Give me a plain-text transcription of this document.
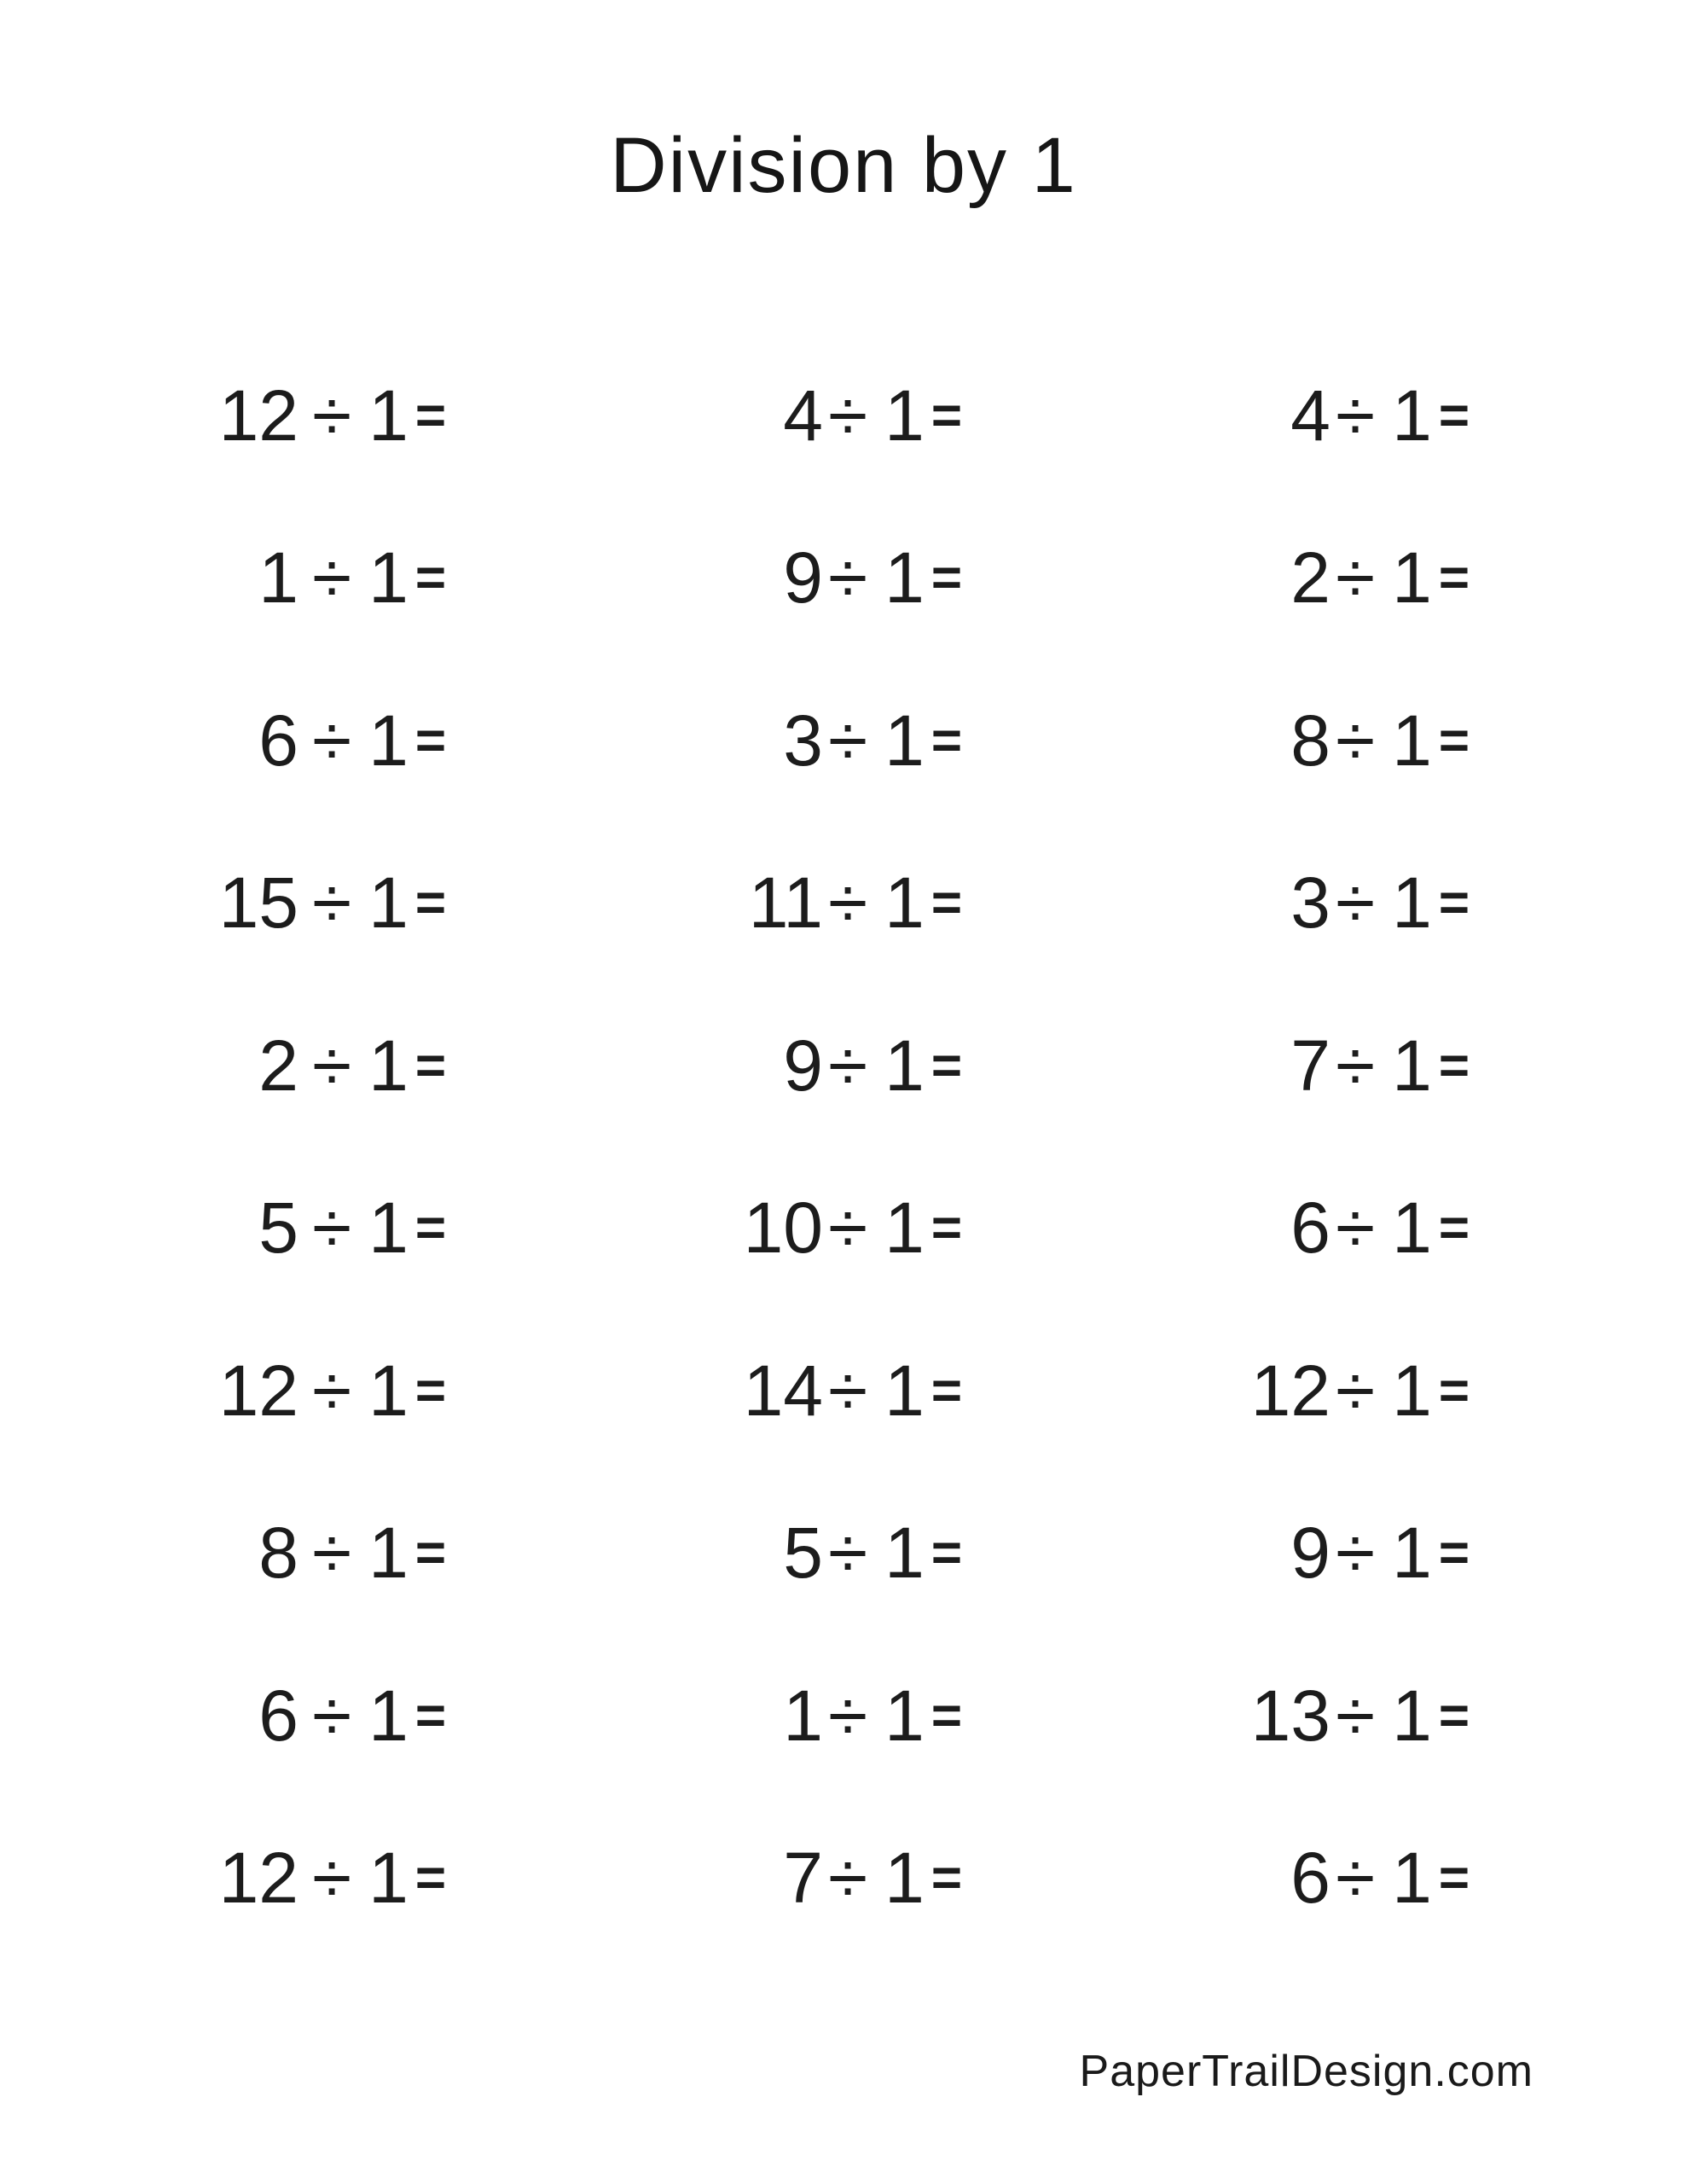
Division by 1
12 ÷ 1 =	4 ÷ 1 =	4 ÷ 1 =
1 ÷ 1 =	9 ÷ 1 =	2 ÷ 1 =
6 ÷ 1 =	3 ÷ 1 =	8 ÷ 1 =
15 ÷ 1 =	11 ÷ 1 =	3 ÷ 1 =
2 ÷ 1 =	9 ÷ 1 =	7 ÷ 1 =
5 ÷ 1 =	10 ÷ 1 =	6 ÷ 1 =
12 ÷ 1 =	14 ÷ 1 =	12 ÷ 1 =
8 ÷ 1 =	5 ÷ 1 =	9 ÷ 1 =
6 ÷ 1 =	1 ÷ 1 =	13 ÷ 1 =
12 ÷ 1 =	7 ÷ 1 =	6 ÷ 1 =
PaperTrailDesign.com
